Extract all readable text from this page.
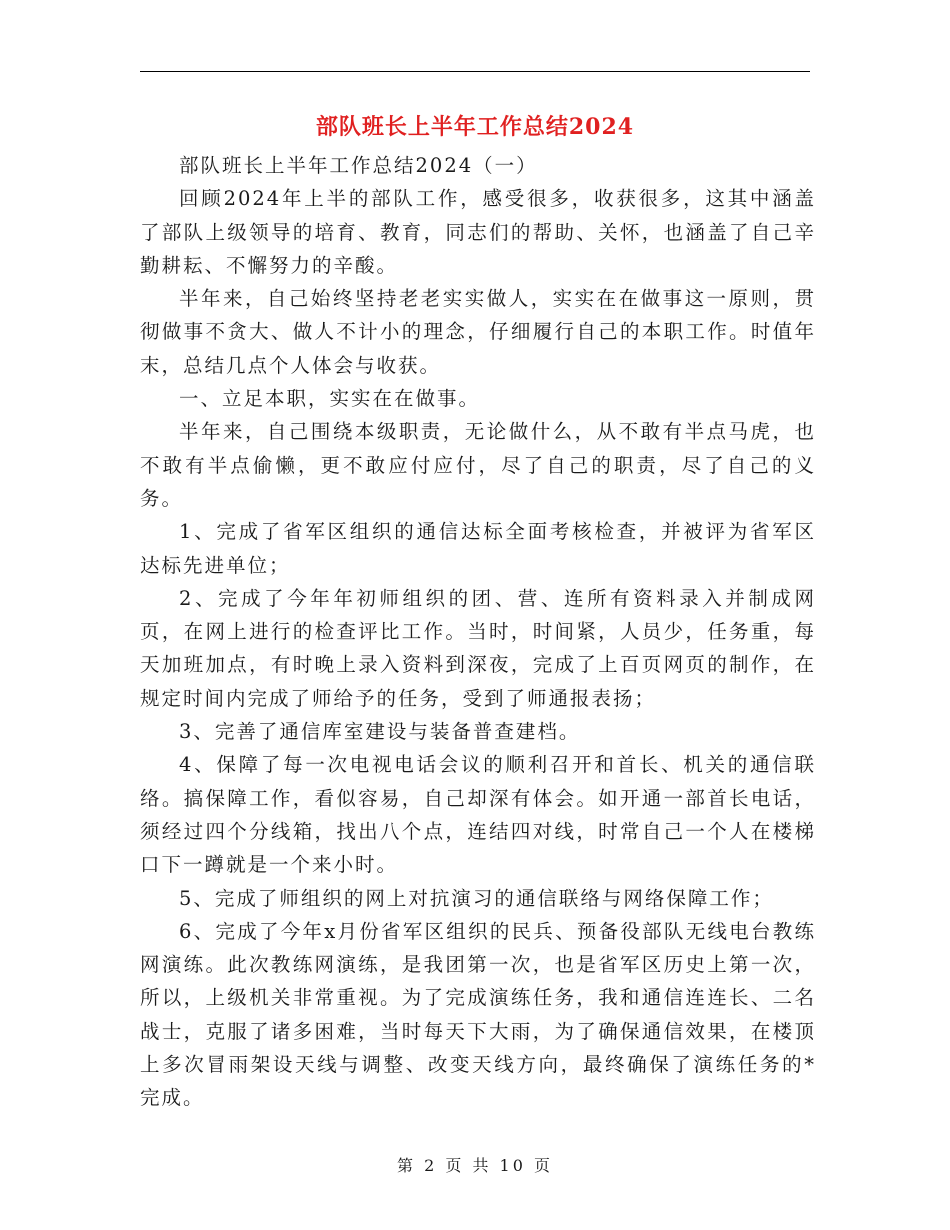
部队班长上半年工作总结2024

部队班长上半年工作总结2024（一）

回顾2024年上半的部队工作，感受很多，收获很多，这其中涵盖了部队上级领导的培育、教育，同志们的帮助、关怀，也涵盖了自己辛勤耕耘、不懈努力的辛酸。

半年来，自己始终坚持老老实实做人，实实在在做事这一原则，贯彻做事不贪大、做人不计小的理念，仔细履行自己的本职工作。时值年末，总结几点个人体会与收获。

一、立足本职，实实在在做事。

半年来，自己围绕本级职责，无论做什么，从不敢有半点马虎，也不敢有半点偷懒，更不敢应付应付，尽了自己的职责，尽了自己的义务。

1、完成了省军区组织的通信达标全面考核检查，并被评为省军区达标先进单位；

2、完成了今年年初师组织的团、营、连所有资料录入并制成网页，在网上进行的检查评比工作。当时，时间紧，人员少，任务重，每天加班加点，有时晚上录入资料到深夜，完成了上百页网页的制作，在规定时间内完成了师给予的任务，受到了师通报表扬；

3、完善了通信库室建设与装备普查建档。

4、保障了每一次电视电话会议的顺利召开和首长、机关的通信联络。搞保障工作，看似容易，自己却深有体会。如开通一部首长电话，须经过四个分线箱，找出八个点，连结四对线，时常自己一个人在楼梯口下一蹲就是一个来小时。

5、完成了师组织的网上对抗演习的通信联络与网络保障工作；

6、完成了今年x月份省军区组织的民兵、预备役部队无线电台教练网演练。此次教练网演练，是我团第一次，也是省军区历史上第一次，所以，上级机关非常重视。为了完成演练任务，我和通信连连长、二名战士，克服了诸多困难，当时每天下大雨，为了确保通信效果，在楼顶上多次冒雨架设天线与调整、改变天线方向，最终确保了演练任务的*完成。

第 2 页 共 10 页
